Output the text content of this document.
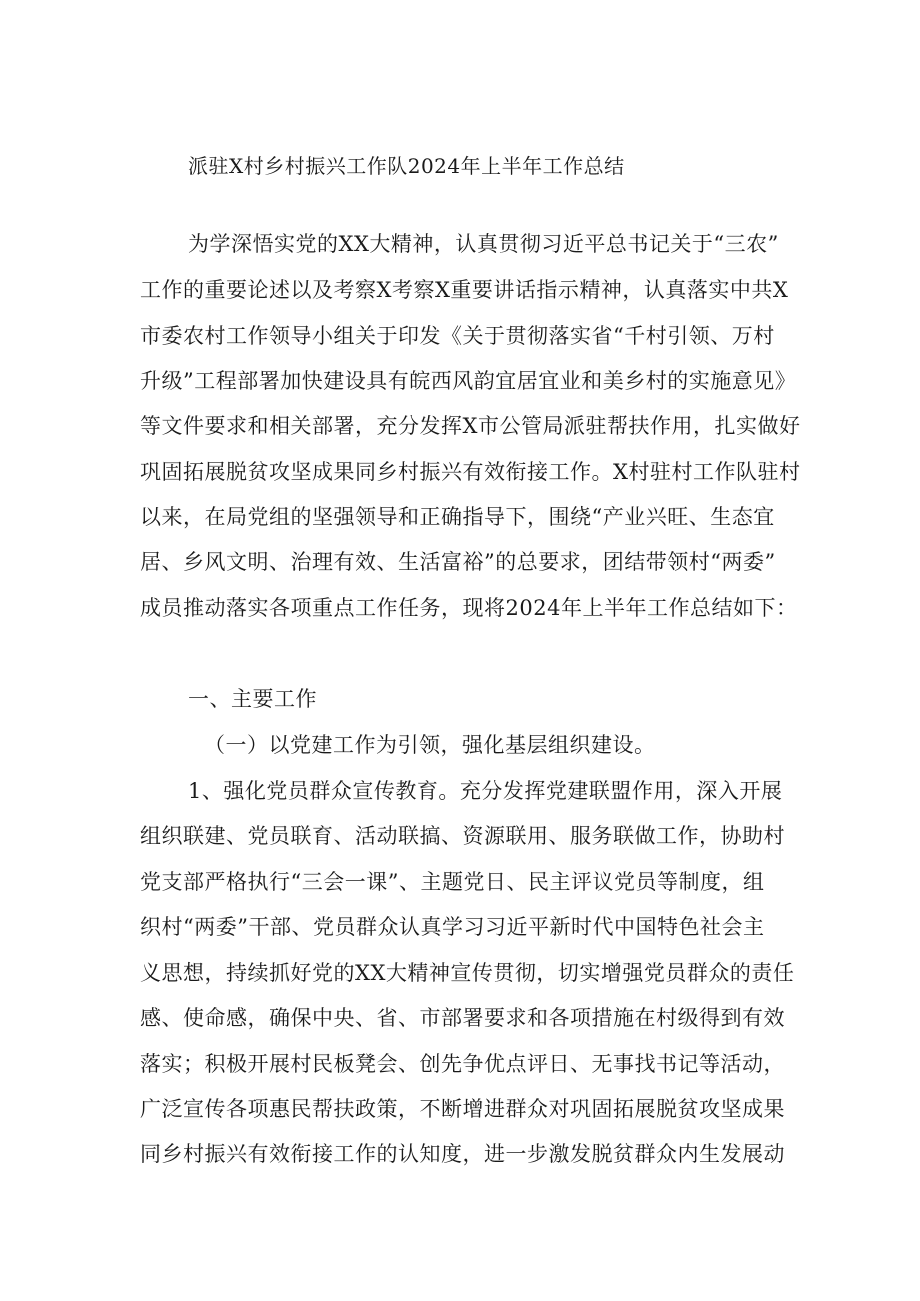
派驻X村乡村振兴工作队2024年上半年工作总结

为学深悟实党的XX大精神，认真贯彻习近平总书记关于“三农”

工作的重要论述以及考察X考察X重要讲话指示精神，认真落实中共X

市委农村工作领导小组关于印发《关于贯彻落实省“千村引领、万村

升级”工程部署加快建设具有皖西风韵宜居宜业和美乡村的实施意见》

等文件要求和相关部署，充分发挥X市公管局派驻帮扶作用，扎实做好

巩固拓展脱贫攻坚成果同乡村振兴有效衔接工作。X村驻村工作队驻村

以来，在局党组的坚强领导和正确指导下，围绕“产业兴旺、生态宜

居、乡风文明、治理有效、生活富裕”的总要求，团结带领村“两委”

成员推动落实各项重点工作任务，现将2024年上半年工作总结如下：

一、主要工作

（一）以党建工作为引领，强化基层组织建设。

1、强化党员群众宣传教育。充分发挥党建联盟作用，深入开展

组织联建、党员联育、活动联搞、资源联用、服务联做工作，协助村

党支部严格执行“三会一课”、主题党日、民主评议党员等制度，组

织村“两委”干部、党员群众认真学习习近平新时代中国特色社会主

义思想，持续抓好党的XX大精神宣传贯彻，切实增强党员群众的责任

感、使命感，确保中央、省、市部署要求和各项措施在村级得到有效

落实；积极开展村民板凳会、创先争优点评日、无事找书记等活动，

广泛宣传各项惠民帮扶政策，不断增进群众对巩固拓展脱贫攻坚成果

同乡村振兴有效衔接工作的认知度，进一步激发脱贫群众内生发展动
